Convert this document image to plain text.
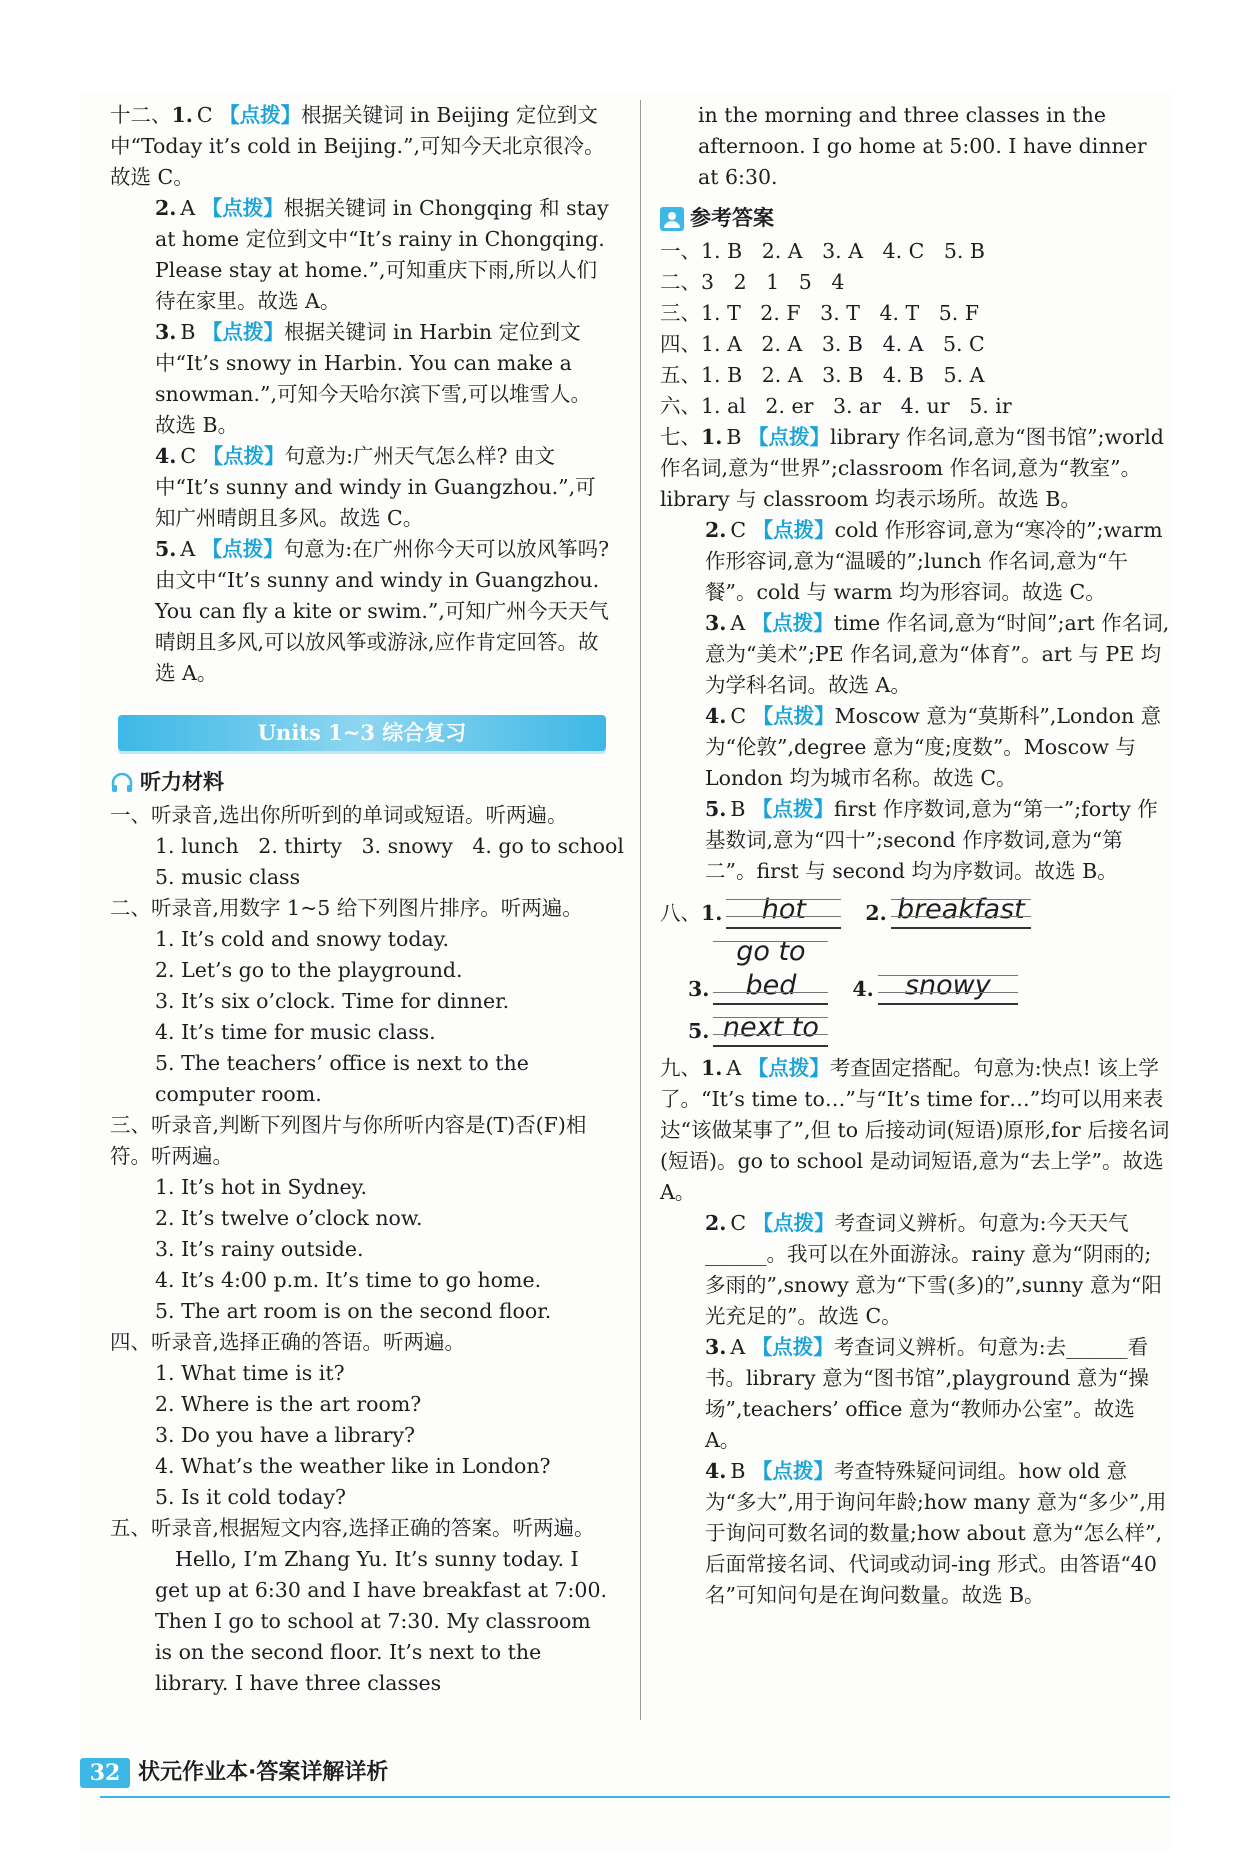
十二、1. C 【点拨】根据关键词 in Beijing 定位到文中“Today it’s cold in Beijing.”,可知今天北京很冷。故选 C。
2. A 【点拨】根据关键词 in Chongqing 和 stay at home 定位到文中“It’s rainy in Chongqing. Please stay at home.”,可知重庆下雨,所以人们待在家里。故选 A。
3. B 【点拨】根据关键词 in Harbin 定位到文中“It’s snowy in Harbin. You can make a snowman.”,可知今天哈尔滨下雪,可以堆雪人。故选 B。
4. C 【点拨】句意为:广州天气怎么样? 由文中“It’s sunny and windy in Guangzhou.”,可知广州晴朗且多风。故选 C。
5. A 【点拨】句意为:在广州你今天可以放风筝吗? 由文中“It’s sunny and windy in Guangzhou. You can fly a kite or swim.”,可知广州今天天气晴朗且多风,可以放风筝或游泳,应作肯定回答。故选 A。
Units 1~3 综合复习
听力材料
一、听录音,选出你所听到的单词或短语。听两遍。
1. lunch   2. thirty   3. snowy   4. go to school
5. music class
二、听录音,用数字 1~5 给下列图片排序。听两遍。
1. It’s cold and snowy today.
2. Let’s go to the playground.
3. It’s six o’clock. Time for dinner.
4. It’s time for music class.
5. The teachers’ office is next to the computer room.
三、听录音,判断下列图片与你所听内容是(T)否(F)相符。听两遍。
1. It’s hot in Sydney.
2. It’s twelve o’clock now.
3. It’s rainy outside.
4. It’s 4:00 p.m. It’s time to go home.
5. The art room is on the second floor.
四、听录音,选择正确的答语。听两遍。
1. What time is it?
2. Where is the art room?
3. Do you have a library?
4. What’s the weather like in London?
5. Is it cold today?
五、听录音,根据短文内容,选择正确的答案。听两遍。
Hello, I’m Zhang Yu. It’s sunny today. I get up at 6:30 and I have breakfast at 7:00. Then I go to school at 7:30. My classroom is on the second floor. It’s next to the library. I have three classes
in the morning and three classes in the afternoon. I go home at 5:00. I have dinner at 6:30.
参考答案
一、1. B   2. A   3. A   4. C   5. B
二、3   2   1   5   4
三、1. T   2. F   3. T   4. T   5. F
四、1. A   2. A   3. B   4. A   5. C
五、1. B   2. A   3. B   4. B   5. A
六、1. al   2. er   3. ar   4. ur   5. ir
七、1. B 【点拨】library 作名词,意为“图书馆”;world 作名词,意为“世界”;classroom 作名词,意为“教室”。library 与 classroom 均表示场所。故选 B。
2. C 【点拨】cold 作形容词,意为“寒冷的”;warm 作形容词,意为“温暖的”;lunch 作名词,意为“午餐”。cold 与 warm 均为形容词。故选 C。
3. A 【点拨】time 作名词,意为“时间”;art 作名词,意为“美术”;PE 作名词,意为“体育”。art 与 PE 均为学科名词。故选 A。
4. C 【点拨】Moscow 意为“莫斯科”,London 意为“伦敦”,degree 意为“度;度数”。Moscow 与 London 均为城市名称。故选 C。
5. B 【点拨】first 作序数词,意为“第一”;forty 作基数词,意为“四十”;second 作序数词,意为“第二”。first 与 second 均为序数词。故选 B。
八、 1.	hot	2. breakfast
3.
go to bed	4.	snowy
5. next to
九、1. A 【点拨】考查固定搭配。句意为:快点! 该上学了。“It’s time to…”与“It’s time for…”均可以用来表达“该做某事了”,但 to 后接动词(短语)原形,for 后接名词(短语)。go to school 是动词短语,意为“去上学”。故选 A。
2. C 【点拨】考查词义辨析。句意为:今天天气______。我可以在外面游泳。rainy 意为“阴雨的;多雨的”,snowy 意为“下雪(多)的”,sunny 意为“阳光充足的”。故选 C。
3. A 【点拨】考查词义辨析。句意为:去______看书。library 意为“图书馆”,playground 意为“操场”,teachers’ office 意为“教师办公室”。故选 A。
4. B 【点拨】考查特殊疑问词组。how old 意为“多大”,用于询问年龄;how many 意为“多少”,用于询问可数名词的数量;how about 意为“怎么样”,后面常接名词、代词或动词-ing 形式。由答语“40 名”可知问句是在询问数量。故选 B。
32 状元作业本·答案详解详析
